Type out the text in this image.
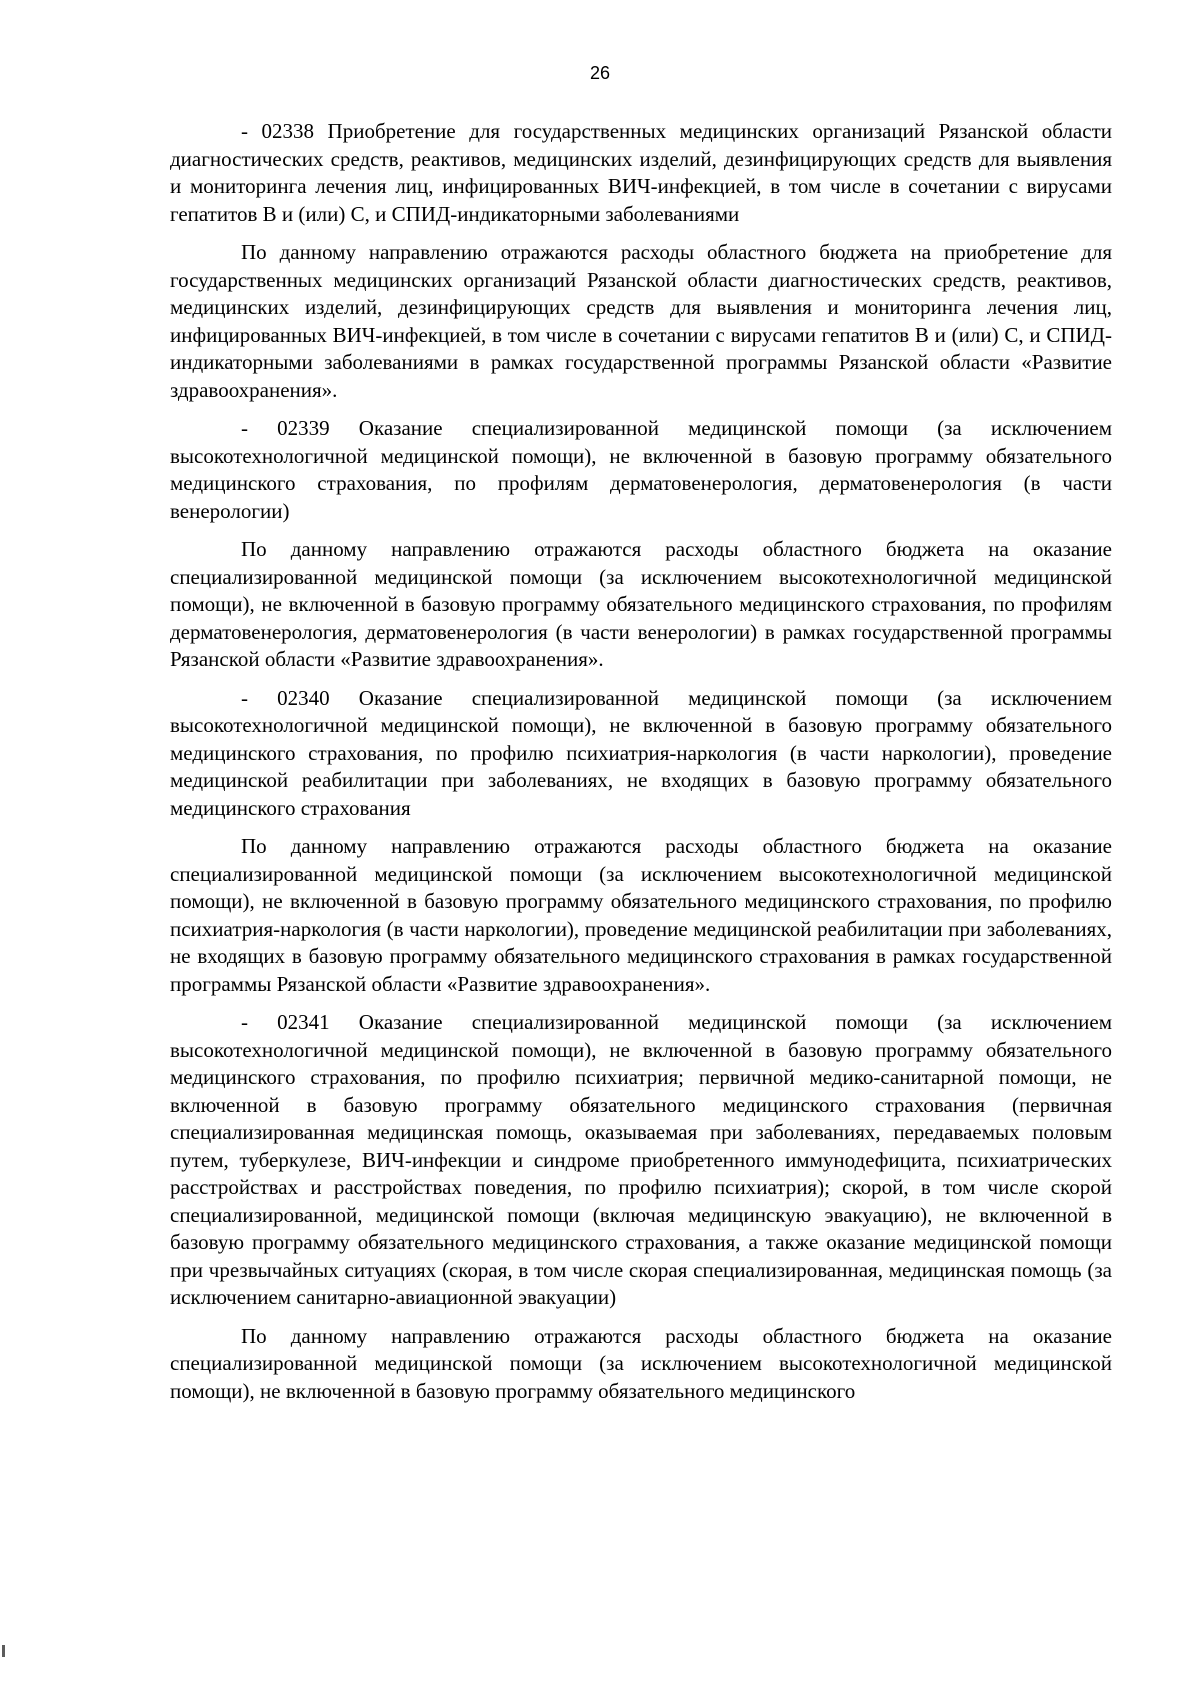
26

- 02338 Приобретение для государственных медицинских организаций Рязанской области диагностических средств, реактивов, медицинских изделий, дезинфицирующих средств для выявления и мониторинга лечения лиц, инфицированных ВИЧ-инфекцией, в том числе в сочетании с вирусами гепатитов В и (или) С, и СПИД-индикаторными заболеваниями

По данному направлению отражаются расходы областного бюджета на приобретение для государственных медицинских организаций Рязанской области диагностических средств, реактивов, медицинских изделий, дезинфицирующих средств для выявления и мониторинга лечения лиц, инфицированных ВИЧ-инфекцией, в том числе в сочетании с вирусами гепатитов В и (или) С, и СПИД-индикаторными заболеваниями в рамках государственной программы Рязанской области «Развитие здравоохранения».

- 02339 Оказание специализированной медицинской помощи (за исключением высокотехнологичной медицинской помощи), не включенной в базовую программу обязательного медицинского страхования, по профилям дерматовенерология, дерматовенерология (в части венерологии)

По данному направлению отражаются расходы областного бюджета на оказание специализированной медицинской помощи (за исключением высокотехнологичной медицинской помощи), не включенной в базовую программу обязательного медицинского страхования, по профилям дерматовенерология, дерматовенерология (в части венерологии) в рамках государственной программы Рязанской области «Развитие здравоохранения».

- 02340 Оказание специализированной медицинской помощи (за исключением высокотехнологичной медицинской помощи), не включенной в базовую программу обязательного медицинского страхования, по профилю психиатрия-наркология (в части наркологии), проведение медицинской реабилитации при заболеваниях, не входящих в базовую программу обязательного медицинского страхования

По данному направлению отражаются расходы областного бюджета на оказание специализированной медицинской помощи (за исключением высокотехнологичной медицинской помощи), не включенной в базовую программу обязательного медицинского страхования, по профилю психиатрия-наркология (в части наркологии), проведение медицинской реабилитации при заболеваниях, не входящих в базовую программу обязательного медицинского страхования в рамках государственной программы Рязанской области «Развитие здравоохранения».

- 02341 Оказание специализированной медицинской помощи (за исключением высокотехнологичной медицинской помощи), не включенной в базовую программу обязательного медицинского страхования, по профилю психиатрия; первичной медико-санитарной помощи, не включенной в базовую программу обязательного медицинского страхования (первичная специализированная медицинская помощь, оказываемая при заболеваниях, передаваемых половым путем, туберкулезе, ВИЧ-инфекции и синдроме приобретенного иммунодефицита, психиатрических расстройствах и расстройствах поведения, по профилю психиатрия); скорой, в том числе скорой специализированной, медицинской помощи (включая медицинскую эвакуацию), не включенной в базовую программу обязательного медицинского страхования, а также оказание медицинской помощи при чрезвычайных ситуациях (скорая, в том числе скорая специализированная, медицинская помощь (за исключением санитарно-авиационной эвакуации)

По данному направлению отражаются расходы областного бюджета на оказание специализированной медицинской помощи (за исключением высокотехнологичной медицинской помощи), не включенной в базовую программу обязательного медицинского
